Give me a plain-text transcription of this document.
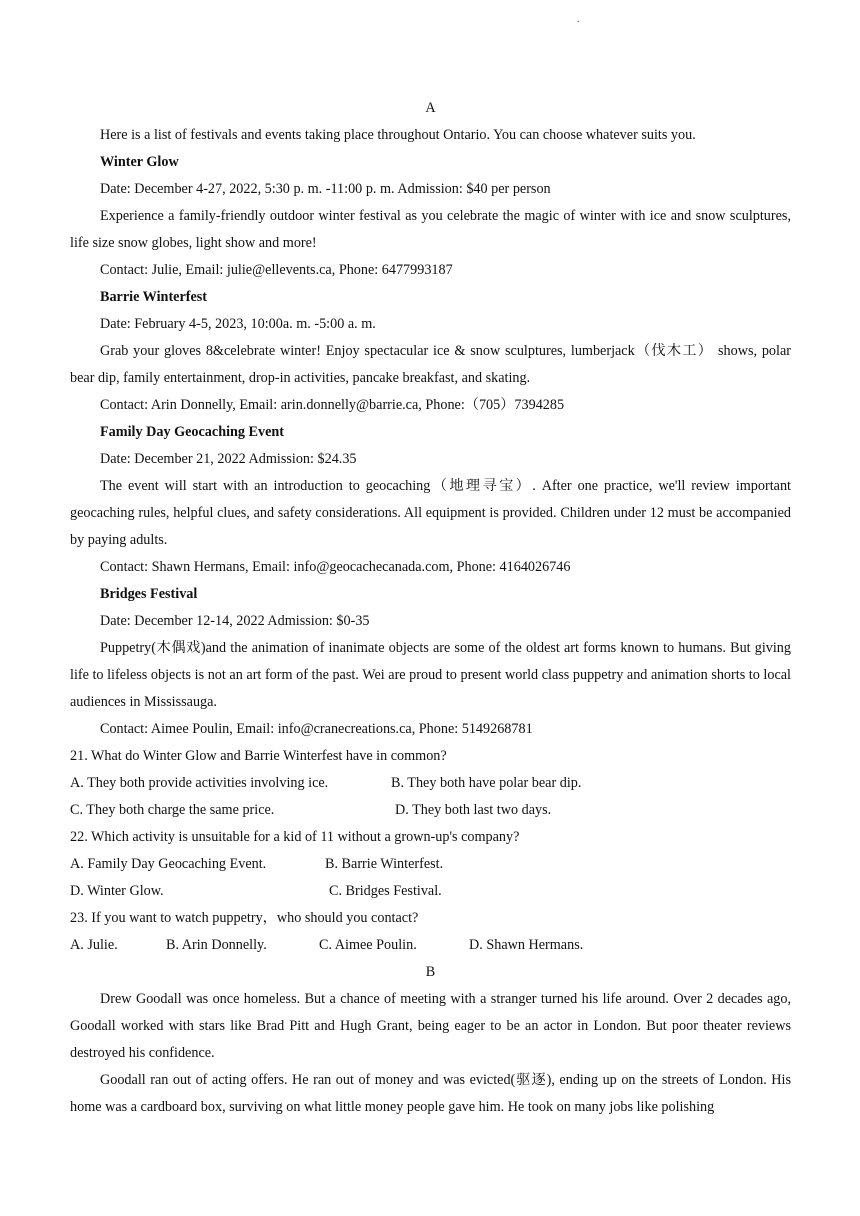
.
A
Here is a list of festivals and events taking place throughout Ontario. You can choose whatever suits you.
Winter Glow
Date: December 4-27, 2022, 5:30 p. m. -11:00 p. m. Admission: $40 per person
Experience a family-friendly outdoor winter festival as you celebrate the magic of winter with ice and snow sculptures, life size snow globes, light show and more!
Contact: Julie, Email: julie@ellevents.ca, Phone: 6477993187
Barrie Winterfest
Date: February 4-5, 2023, 10:00a. m. -5:00 a. m.
Grab your gloves 8&celebrate winter! Enjoy spectacular ice & snow sculptures, lumberjack（伐木工） shows, polar bear dip, family entertainment, drop-in activities, pancake breakfast, and skating.
Contact: Arin Donnelly, Email: arin.donnelly@barrie.ca, Phone:（705）7394285
Family Day Geocaching Event
Date: December 21, 2022 Admission: $24.35
The event will start with an introduction to geocaching（地理寻宝）. After one practice, we'll review important geocaching rules, helpful clues, and safety considerations. All equipment is provided. Children under 12 must be accompanied by paying adults.
Contact: Shawn Hermans, Email: info@geocachecanada.com, Phone: 4164026746
Bridges Festival
Date: December 12-14, 2022 Admission: $0-35
Puppetry(木偶戏)and the animation of inanimate objects are some of the oldest art forms known to humans. But giving life to lifeless objects is not an art form of the past. Wei are proud to present world class puppetry and animation shorts to local audiences in Mississauga.
Contact: Aimee Poulin, Email: info@cranecreations.ca, Phone: 5149268781
21. What do Winter Glow and Barrie Winterfest have in common?
A. They both provide activities involving ice.	B. They both have polar bear dip.
C. They both charge the same price.	D. They both last two days.
22. Which activity is unsuitable for a kid of 11 without a grown-up's company?
A. Family Day Geocaching Event.	B. Barrie Winterfest.
D. Winter Glow.	C. Bridges Festival.
23. If you want to watch puppetry，who should you contact?
A. Julie.	B. Arin Donnelly.	C. Aimee Poulin.	D. Shawn Hermans.
B
Drew Goodall was once homeless. But a chance of meeting with a stranger turned his life around. Over 2 decades ago, Goodall worked with stars like Brad Pitt and Hugh Grant, being eager to be an actor in London. But poor theater reviews destroyed his confidence.
Goodall ran out of acting offers. He ran out of money and was evicted(驱逐), ending up on the streets of London. His home was a cardboard box, surviving on what little money people gave him. He took on many jobs like polishing
